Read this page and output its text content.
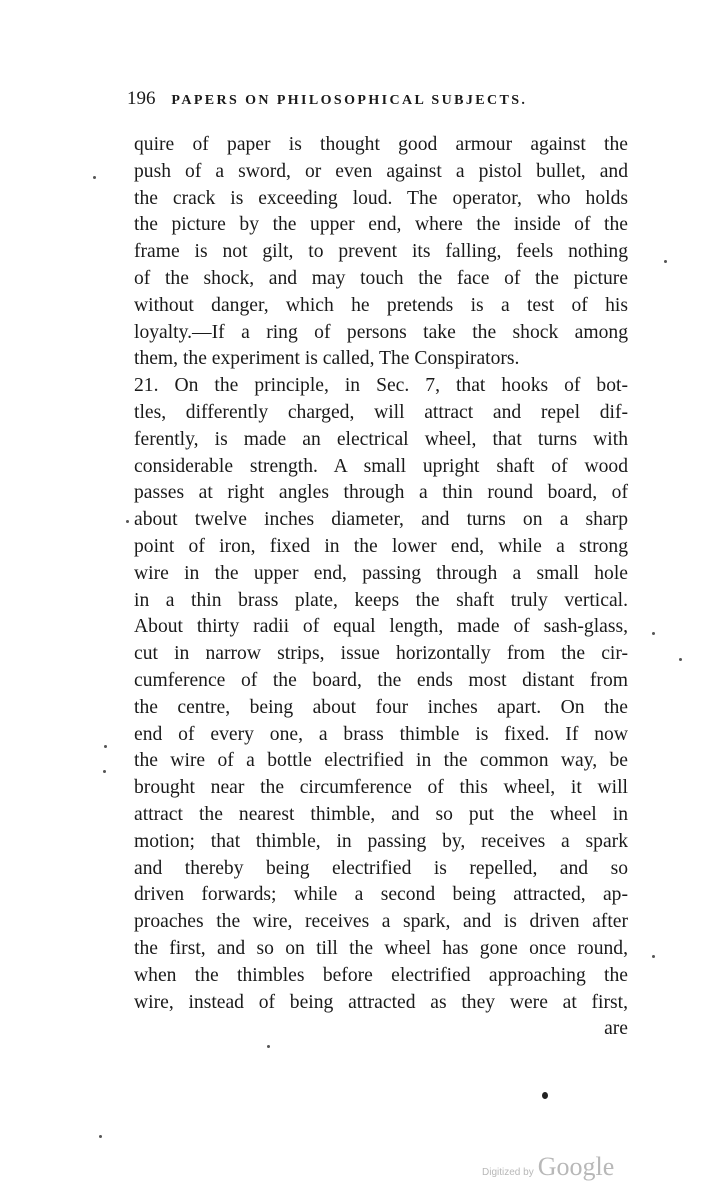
196 PAPERS ON PHILOSOPHICAL SUBJECTS.
quire of paper is thought good armour against the
push of a sword, or even against a pistol bullet, and
the crack is exceeding loud. The operator, who holds
the picture by the upper end, where the inside of the
frame is not gilt, to prevent its falling, feels nothing
of the shock, and may touch the face of the picture
without danger, which he pretends is a test of his
loyalty.—If a ring of persons take the shock among
them, the experiment is called, The Conspirators.
21. On the principle, in Sec. 7, that hooks of bot-
tles, differently charged, will attract and repel dif-
ferently, is made an electrical wheel, that turns with
considerable strength. A small upright shaft of wood
passes at right angles through a thin round board, of
about twelve inches diameter, and turns on a sharp
point of iron, fixed in the lower end, while a strong
wire in the upper end, passing through a small hole
in a thin brass plate, keeps the shaft truly vertical.
About thirty radii of equal length, made of sash-glass,
cut in narrow strips, issue horizontally from the cir-
cumference of the board, the ends most distant from
the centre, being about four inches apart. On the
end of every one, a brass thimble is fixed. If now
the wire of a bottle electrified in the common way, be
brought near the circumference of this wheel, it will
attract the nearest thimble, and so put the wheel in
motion; that thimble, in passing by, receives a spark
and thereby being electrified is repelled, and so
driven forwards; while a second being attracted, ap-
proaches the wire, receives a spark, and is driven after
the first, and so on till the wheel has gone once round,
when the thimbles before electrified approaching the
wire, instead of being attracted as they were at first,
are
Digitized by Google
